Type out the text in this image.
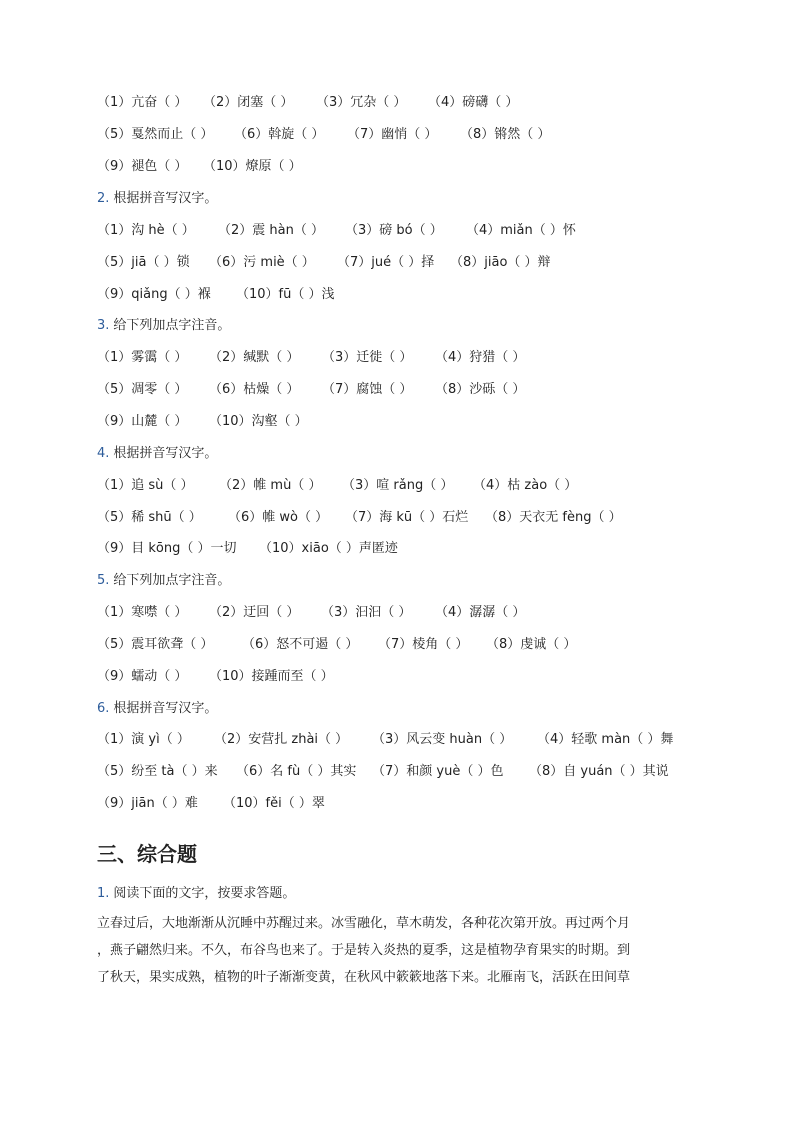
（1）亢奋（ ） （2）闭塞（ ） （3）冗杂（ ） （4）磅礴（ ）
（5）戛然而止（ ） （6）斡旋（ ） （7）幽悄（ ） （8）锵然（ ）
（9）褪色（ ） （10）燎原（ ）
2. 根据拼音写汉字。
（1）沟 hè（ ） （2）震 hàn（ ） （3）磅 bó（ ） （4）miǎn（ ）怀
（5）jiā（ ）锁 （6）污 miè（ ） （7）jué（ ）择 （8）jiāo（ ）辩
（9）qiǎng（ ）褓 （10）fū（ ）浅
3. 给下列加点字注音。
（1）雾霭（ ） （2）缄默（ ） （3）迁徙（ ） （4）狩猎（ ）
（5）凋零（ ） （6）枯燥（ ） （7）腐蚀（ ） （8）沙砾（ ）
（9）山麓（ ） （10）沟壑（ ）
4. 根据拼音写汉字。
（1）追 sù（ ） （2）帷 mù（ ） （3）喧 rǎng（ ） （4）枯 zào（ ）
（5）稀 shū（ ） （6）帷 wò（ ） （7）海 kū（ ）石烂 （8）天衣无 fèng（ ）
（9）目 kōng（ ）一切 （10）xiāo（ ）声匿迹
5. 给下列加点字注音。
（1）寒噤（ ） （2）迂回（ ） （3）汩汩（ ） （4）潺潺（ ）
（5）震耳欲聋（ ） （6）怒不可遏（ ） （7）棱角（ ） （8）虔诚（ ）
（9）蠕动（ ） （10）接踵而至（ ）
6. 根据拼音写汉字。
（1）演 yì（ ） （2）安营扎 zhài（ ） （3）风云变 huàn（ ） （4）轻歌 màn（ ）舞
（5）纷至 tà（ ）来 （6）名 fù（ ）其实 （7）和颜 yuè（ ）色 （8）自 yuán（ ）其说
（9）jiān（ ）难 （10）fěi（ ）翠
三、综合题
1. 阅读下面的文字，按要求答题。
立春过后，大地渐渐从沉睡中苏醒过来。冰雪融化，草木萌发，各种花次第开放。再过两个月
，燕子翩然归来。不久，布谷鸟也来了。于是转入炎热的夏季，这是植物孕育果实的时期。到
了秋天，果实成熟，植物的叶子渐渐变黄，在秋风中簌簌地落下来。北雁南飞，活跃在田间草
